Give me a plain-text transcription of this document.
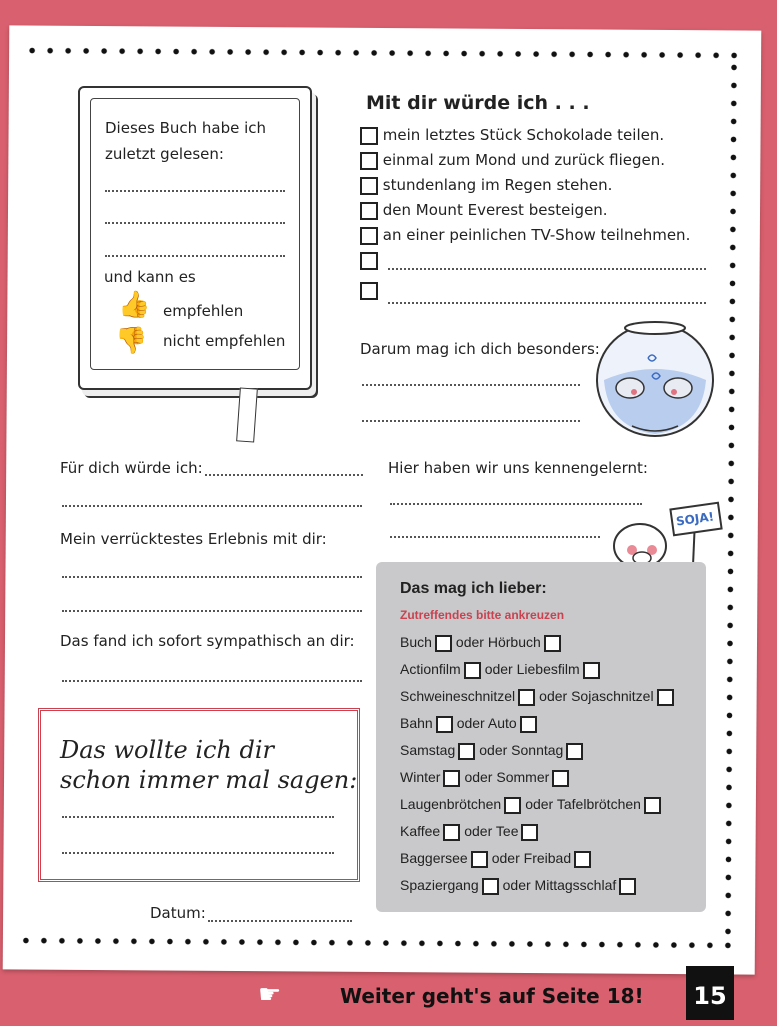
Dieses Buch habe ich
zuletzt gelesen:
und kann es
👍 empfehlen
👎 nicht empfehlen
Mit dir würde ich . . .
mein letztes Stück Schokolade teilen.
einmal zum Mond und zurück fliegen.
stundenlang im Regen stehen.
den Mount Everest besteigen.
an einer peinlichen TV-Show teilnehmen.
Darum mag ich dich besonders:
Für dich würde ich:
Mein verrücktestes Erlebnis mit dir:
Das fand ich sofort sympathisch an dir:
Hier haben wir uns kennengelernt:
SOJA!
Das mag ich lieber:
Zutreffendes bitte ankreuzen
Buch oder Hörbuch
Actionfilm oder Liebesfilm
Schweineschnitzel oder Sojaschnitzel
Bahn oder Auto
Samstag oder Sonntag
Winter oder Sommer
Laugenbrötchen oder Tafelbrötchen
Kaffee oder Tee
Baggersee oder Freibad
Spaziergang oder Mittagsschlaf
Das wollte ich dir
schon immer mal sagen:
Datum:
☛	Weiter geht's auf Seite 18!	15
